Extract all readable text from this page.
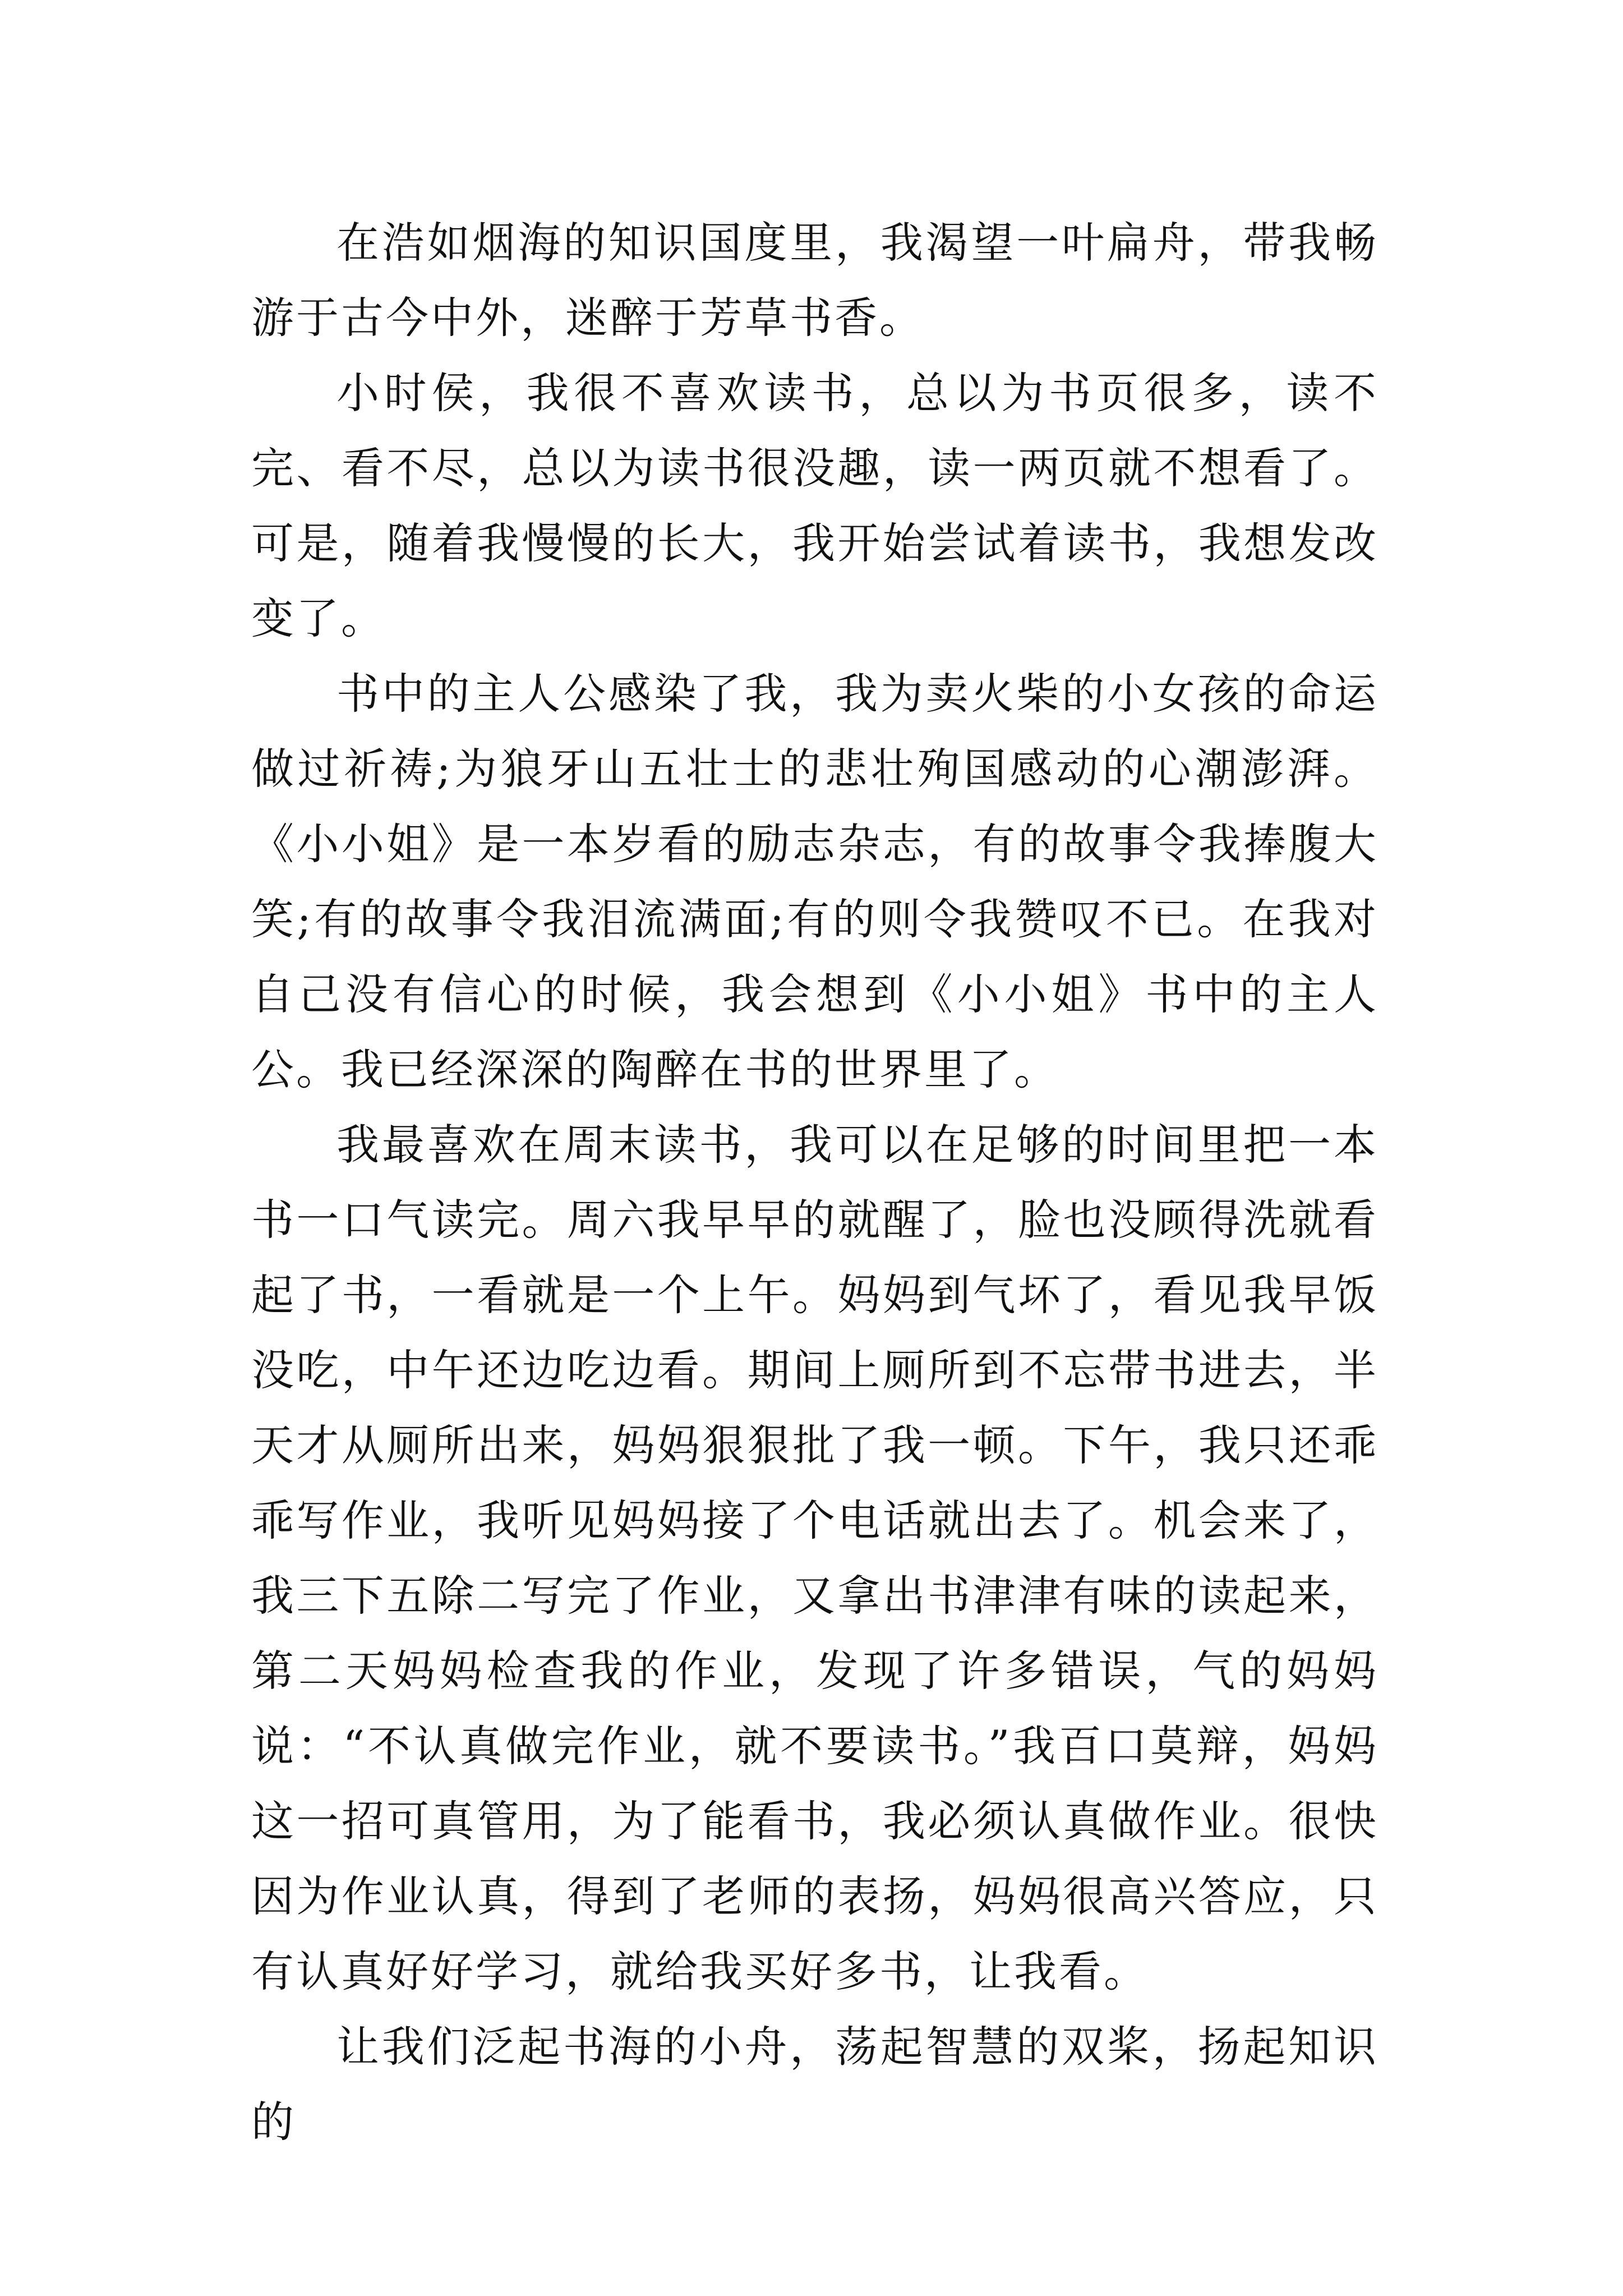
在浩如烟海的知识国度里，我渴望一叶扁舟，带我畅游于古今中外，迷醉于芳草书香。

小时侯，我很不喜欢读书，总以为书页很多，读不完、看不尽，总以为读书很没趣，读一两页就不想看了。可是，随着我慢慢的长大，我开始尝试着读书，我想发改变了。

书中的主人公感染了我，我为卖火柴的小女孩的命运做过祈祷;为狼牙山五壮士的悲壮殉国感动的心潮澎湃。《小小姐》是一本岁看的励志杂志，有的故事令我捧腹大笑;有的故事令我泪流满面;有的则令我赞叹不已。在我对自己没有信心的时候，我会想到《小小姐》书中的主人公。我已经深深的陶醉在书的世界里了。

我最喜欢在周末读书，我可以在足够的时间里把一本书一口气读完。周六我早早的就醒了，脸也没顾得洗就看起了书，一看就是一个上午。妈妈到气坏了，看见我早饭没吃，中午还边吃边看。期间上厕所到不忘带书进去，半天才从厕所出来，妈妈狠狠批了我一顿。下午，我只还乖乖写作业，我听见妈妈接了个电话就出去了。机会来了，我三下五除二写完了作业，又拿出书津津有味的读起来，第二天妈妈检查我的作业，发现了许多错误，气的妈妈说：“不认真做完作业，就不要读书。”我百口莫辩，妈妈这一招可真管用，为了能看书，我必须认真做作业。很快因为作业认真，得到了老师的表扬，妈妈很高兴答应，只有认真好好学习，就给我买好多书，让我看。

让我们泛起书海的小舟，荡起智慧的双桨，扬起知识的
